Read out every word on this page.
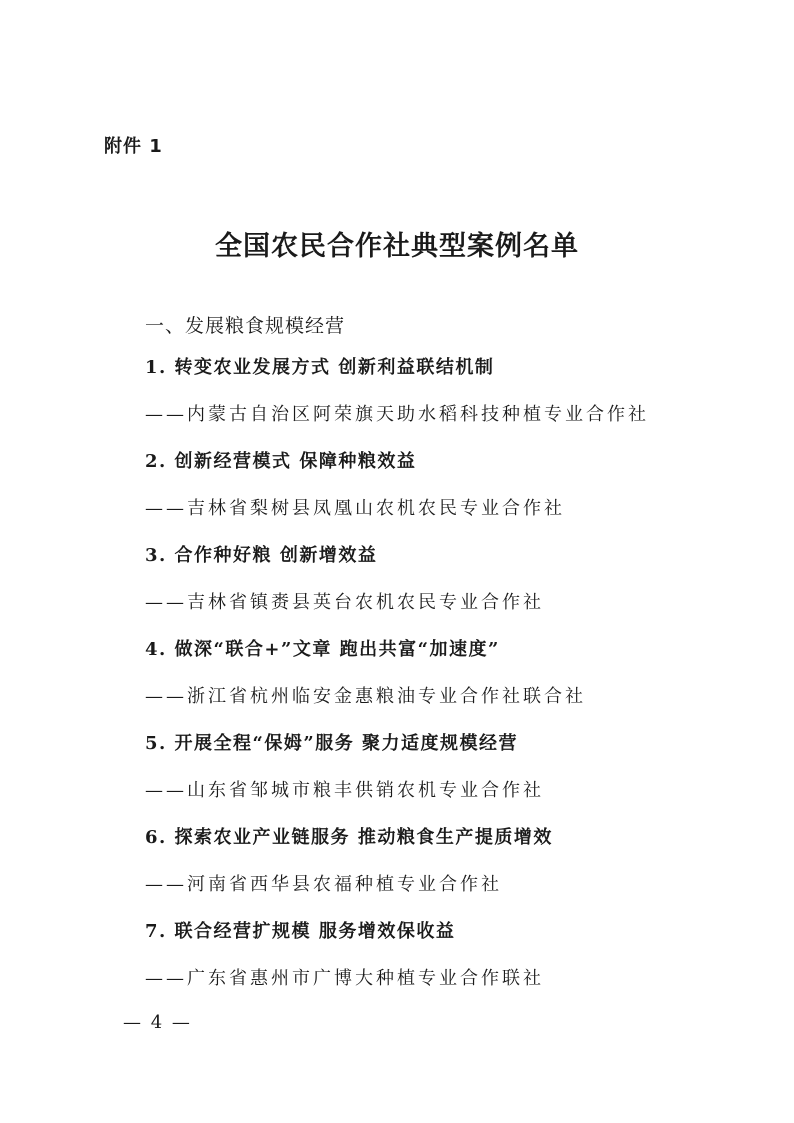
附件 1
全国农民合作社典型案例名单
一、发展粮食规模经营
1. 转变农业发展方式 创新利益联结机制
——内蒙古自治区阿荣旗天助水稻科技种植专业合作社
2. 创新经营模式 保障种粮效益
——吉林省梨树县凤凰山农机农民专业合作社
3. 合作种好粮 创新增效益
——吉林省镇赉县英台农机农民专业合作社
4. 做深“联合+”文章 跑出共富“加速度”
——浙江省杭州临安金惠粮油专业合作社联合社
5. 开展全程“保姆”服务 聚力适度规模经营
——山东省邹城市粮丰供销农机专业合作社
6. 探索农业产业链服务 推动粮食生产提质增效
——河南省西华县农福种植专业合作社
7. 联合经营扩规模 服务增效保收益
——广东省惠州市广博大种植专业合作联社
— 4 —
